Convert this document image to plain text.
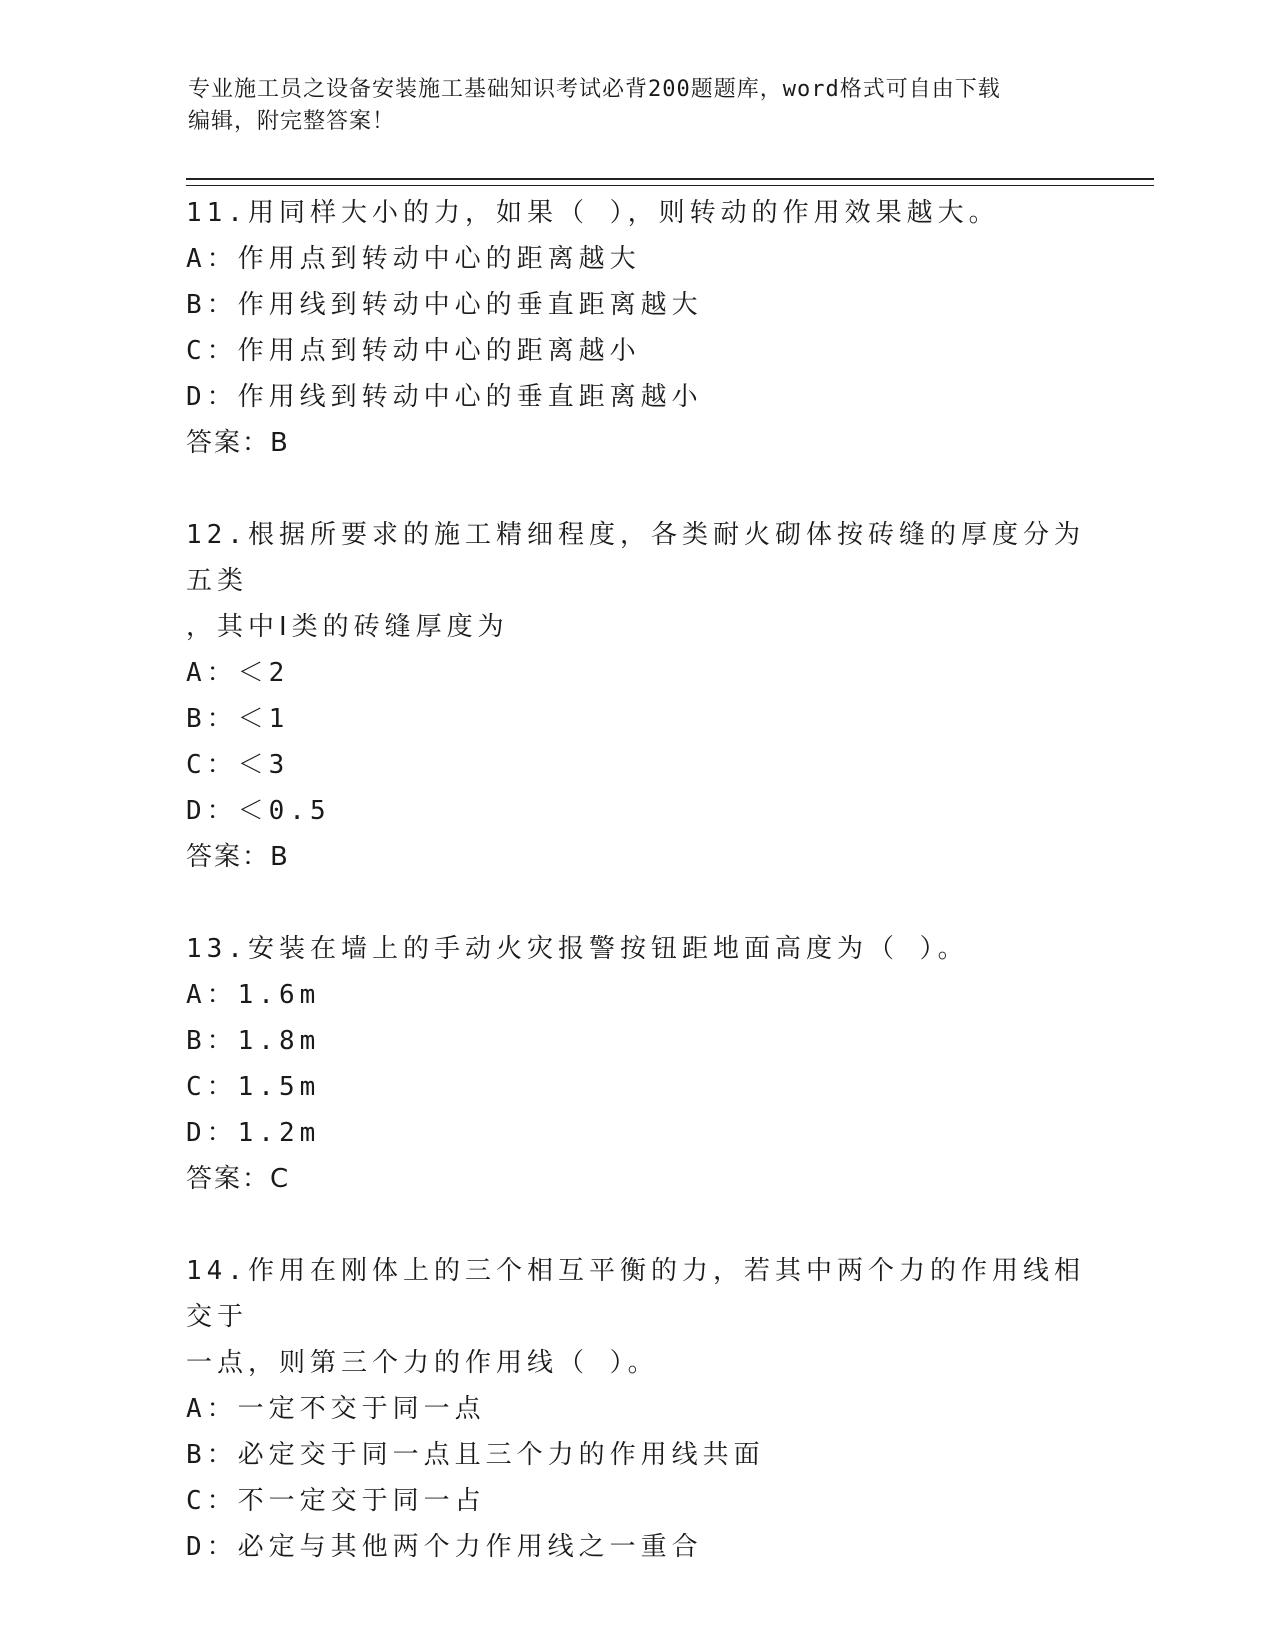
专业施工员之设备安装施工基础知识考试必背200题题库，word格式可自由下载
编辑，附完整答案！
11.用同样大小的力，如果（ ），则转动的作用效果越大。
A：作用点到转动中心的距离越大
B：作用线到转动中心的垂直距离越大
C：作用点到转动中心的距离越小
D：作用线到转动中心的垂直距离越小
答案：B
12.根据所要求的施工精细程度，各类耐火砌体按砖缝的厚度分为五类
，其中Ⅰ类的砖缝厚度为
A：＜2
B：＜1
C：＜3
D：＜0.5
答案：B
13.安装在墙上的手动火灾报警按钮距地面高度为（ ）。
A：1.6m
B：1.8m
C：1.5m
D：1.2m
答案：C
14.作用在刚体上的三个相互平衡的力，若其中两个力的作用线相交于
一点，则第三个力的作用线（ ）。
A：一定不交于同一点
B：必定交于同一点且三个力的作用线共面
C：不一定交于同一占
D：必定与其他两个力作用线之一重合
